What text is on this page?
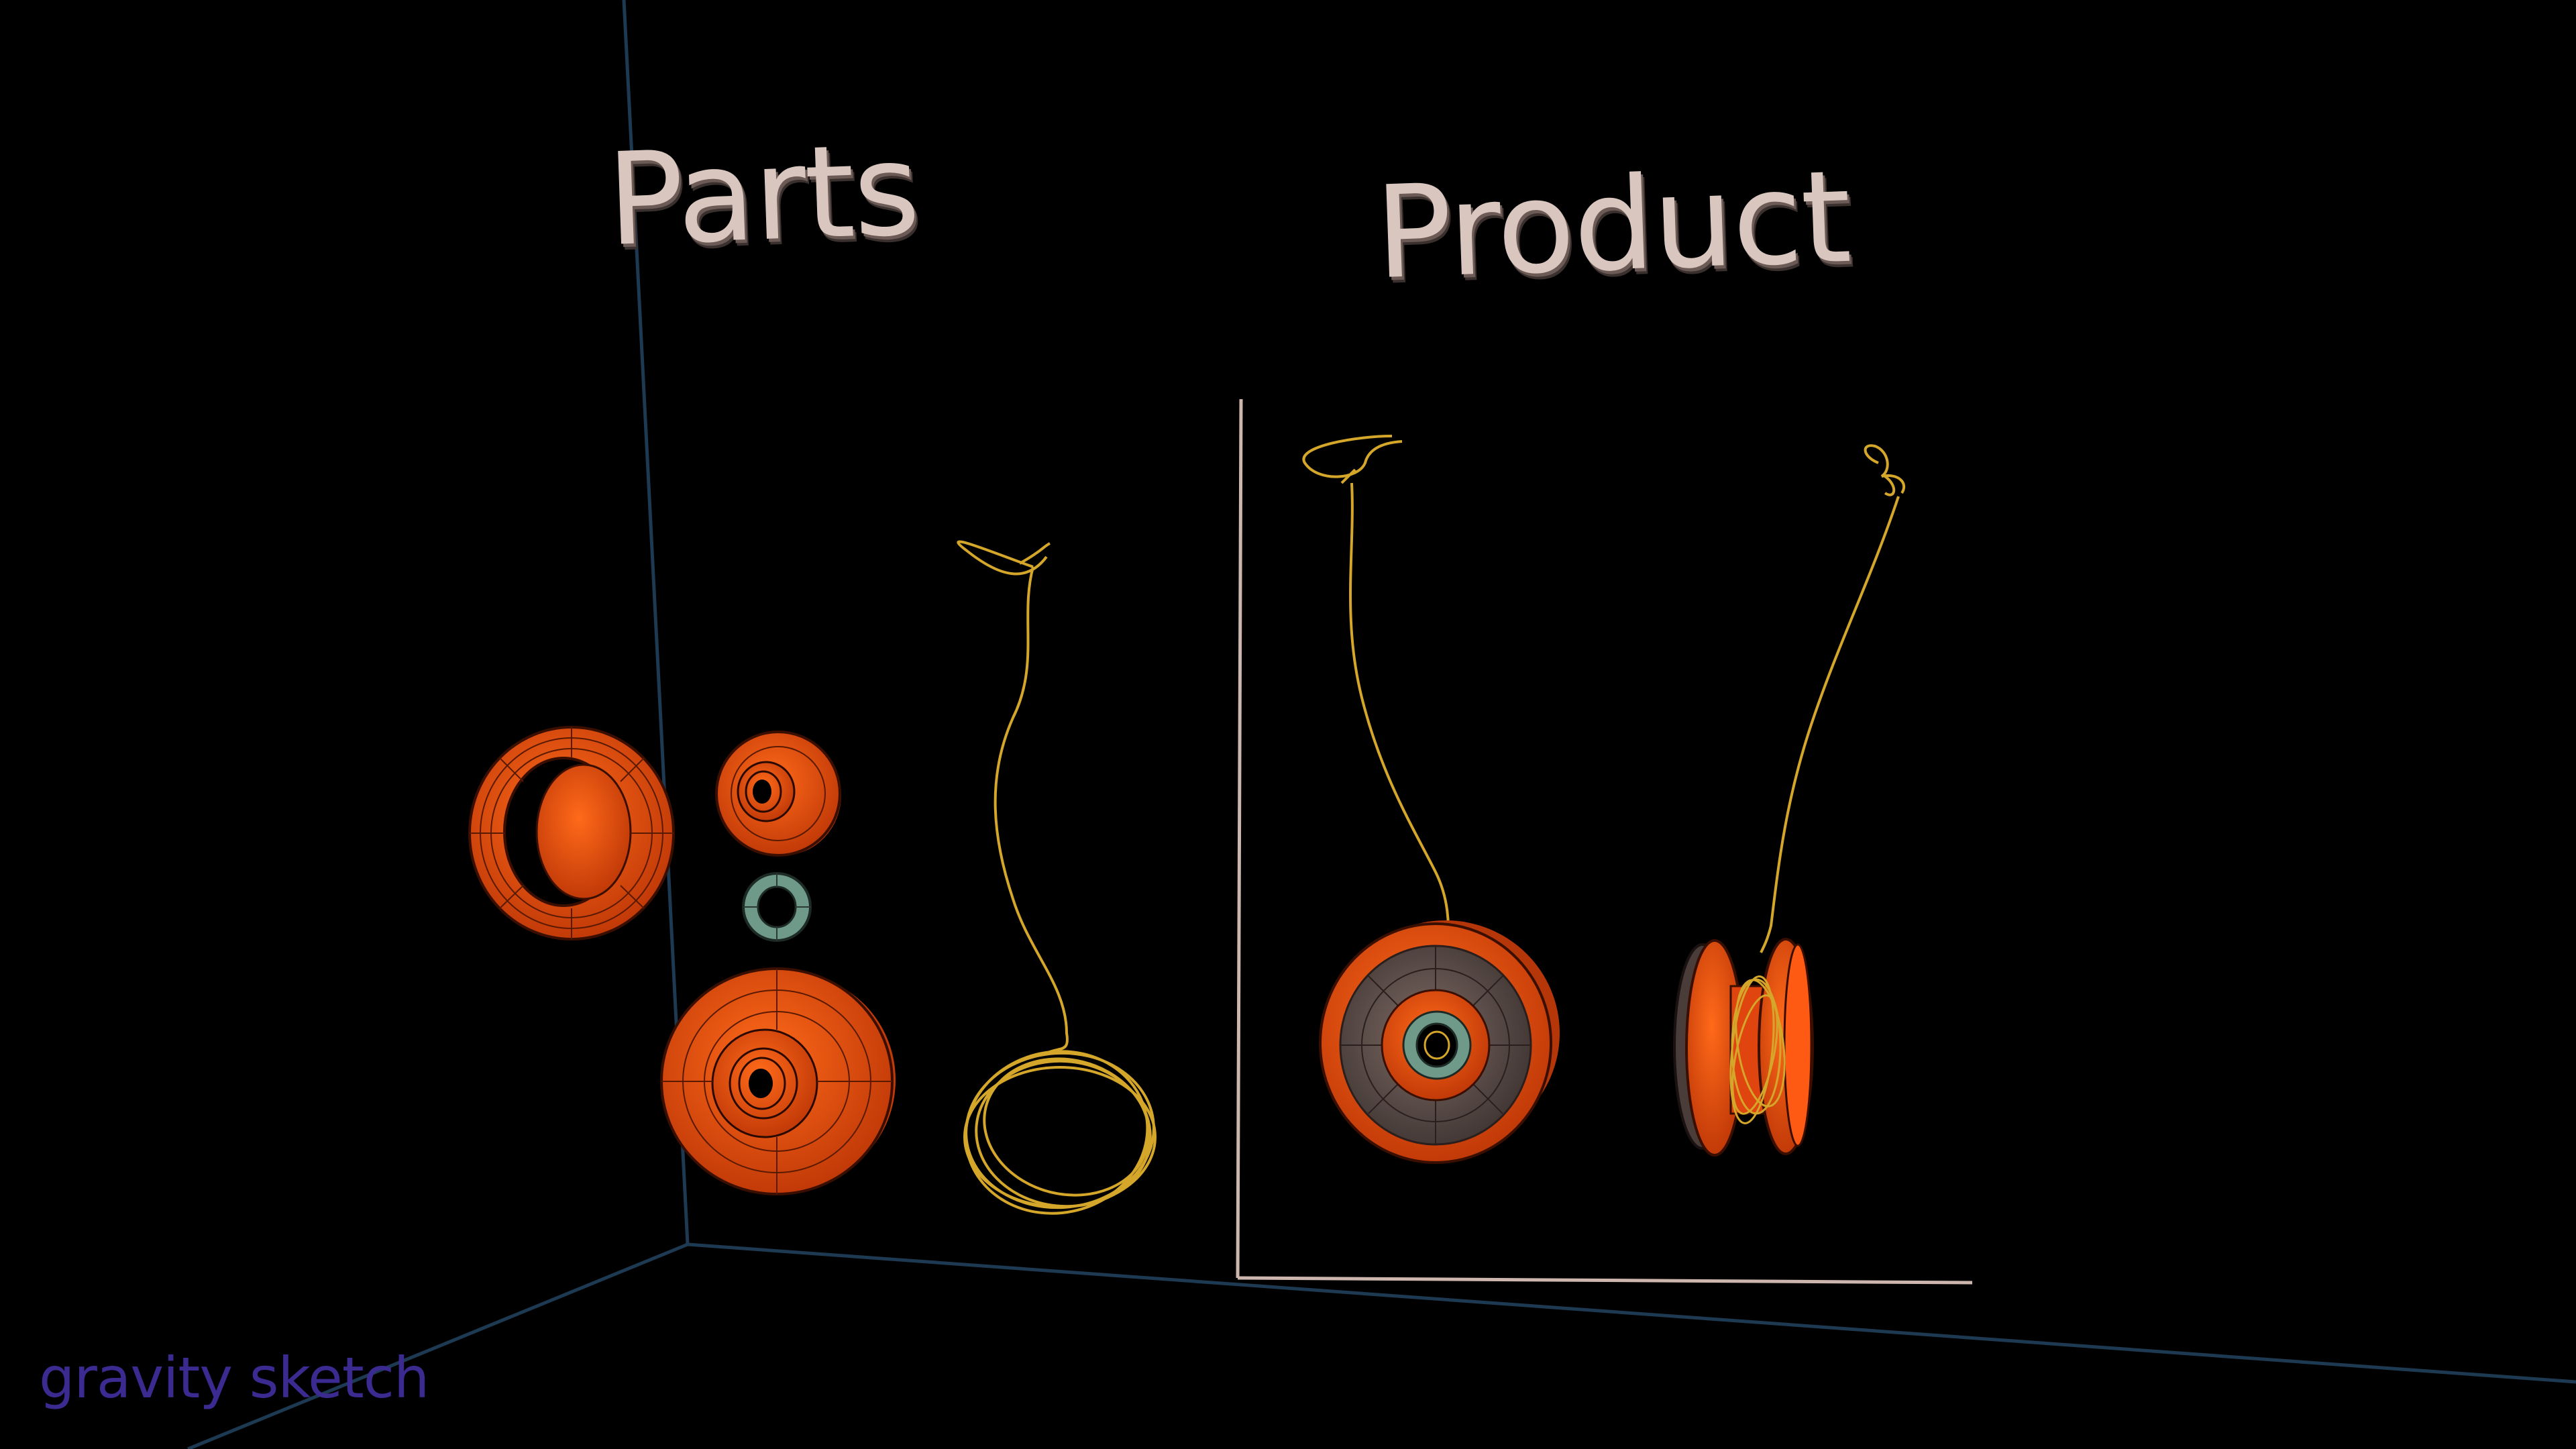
Parts	Product
gravity sketch
